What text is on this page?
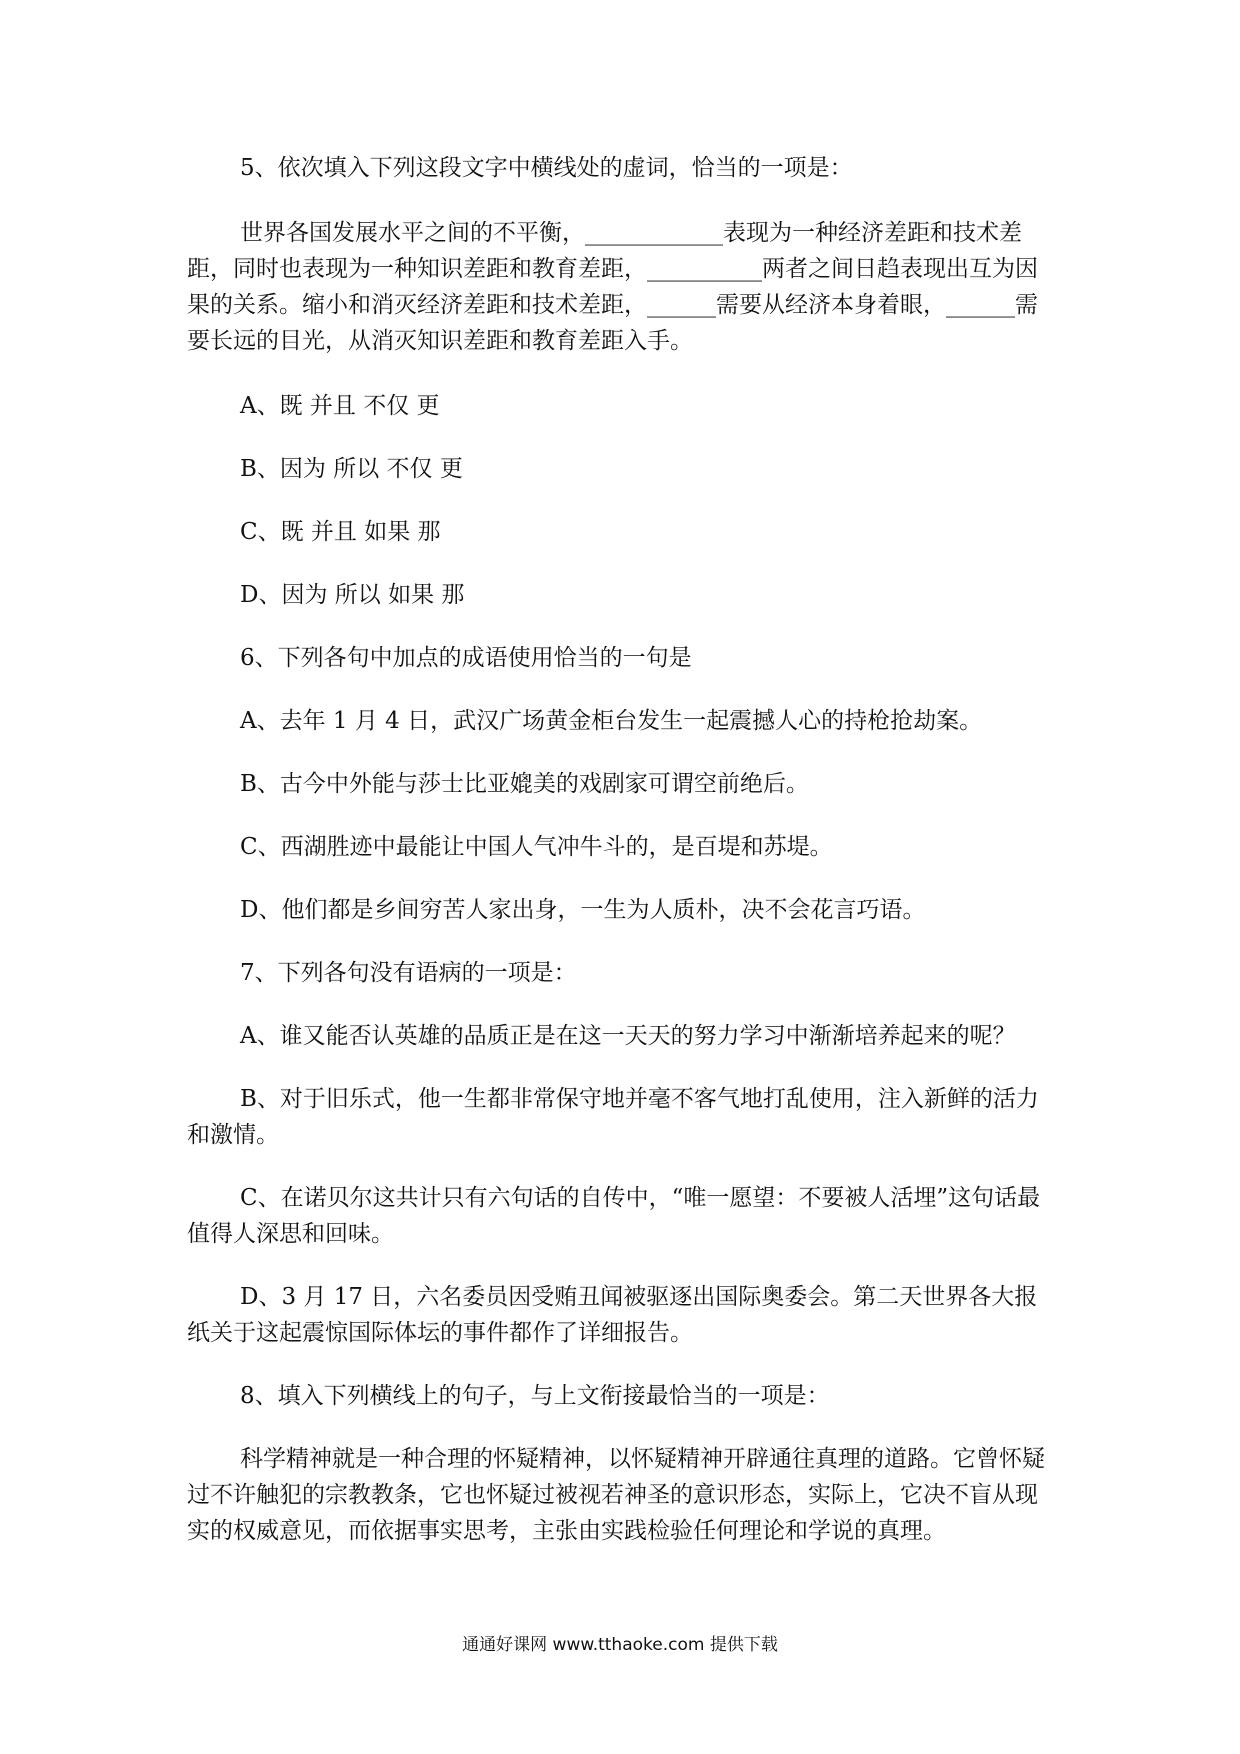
5、依次填入下列这段文字中横线处的虚词，恰当的一项是：

世界各国发展水平之间的不平衡，____________表现为一种经济差距和技术差距，同时也表现为一种知识差距和教育差距，__________两者之间日趋表现出互为因果的关系。缩小和消灭经济差距和技术差距，______需要从经济本身着眼，______需要长远的目光，从消灭知识差距和教育差距入手。

A、既 并且 不仅 更

B、因为 所以 不仅 更

C、既 并且 如果 那

D、因为 所以 如果 那

6、下列各句中加点的成语使用恰当的一句是

A、去年 1 月 4 日，武汉广场黄金柜台发生一起震撼人心的持枪抢劫案。

B、古今中外能与莎士比亚媲美的戏剧家可谓空前绝后。

C、西湖胜迹中最能让中国人气冲牛斗的，是百堤和苏堤。

D、他们都是乡间穷苦人家出身，一生为人质朴，决不会花言巧语。

7、下列各句没有语病的一项是：

A、谁又能否认英雄的品质正是在这一天天的努力学习中渐渐培养起来的呢？

B、对于旧乐式，他一生都非常保守地并毫不客气地打乱使用，注入新鲜的活力和激情。

C、在诺贝尔这共计只有六句话的自传中，“唯一愿望：不要被人活埋”这句话最值得人深思和回味。

D、3 月 17 日，六名委员因受贿丑闻被驱逐出国际奥委会。第二天世界各大报纸关于这起震惊国际体坛的事件都作了详细报告。

8、填入下列横线上的句子，与上文衔接最恰当的一项是：

科学精神就是一种合理的怀疑精神，以怀疑精神开辟通往真理的道路。它曾怀疑过不许触犯的宗教教条，它也怀疑过被视若神圣的意识形态，实际上，它决不盲从现实的权威意见，而依据事实思考，主张由实践检验任何理论和学说的真理。

通通好课网 www.tthaoke.com 提供下载
